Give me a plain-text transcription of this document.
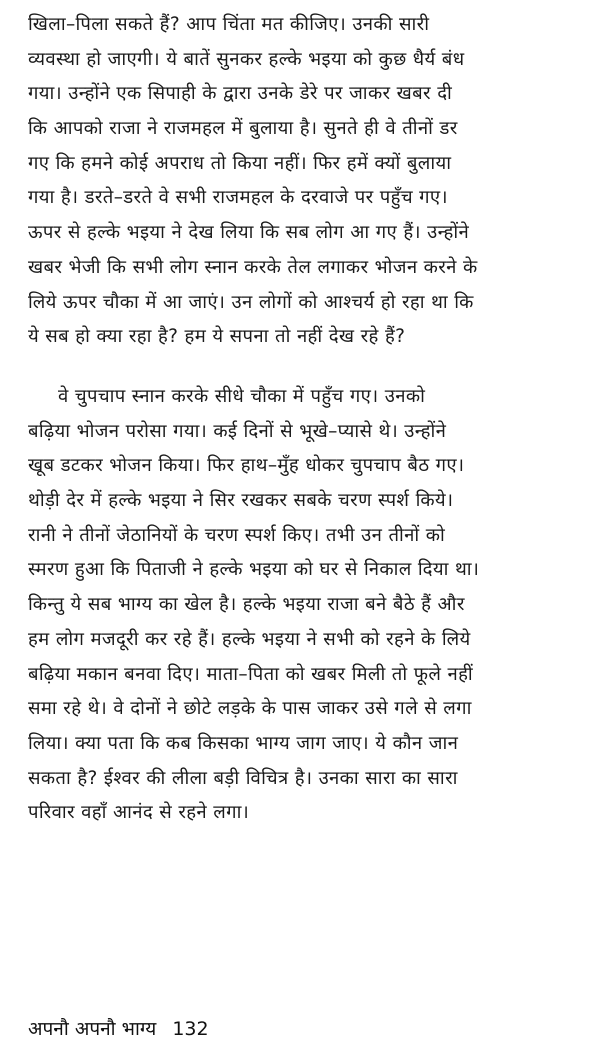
खिला–पिला सकते हैं? आप चिंता मत कीजिए। उनकी सारी
व्यवस्था हो जाएगी। ये बातें सुनकर हल्के भइया को कुछ धैर्य बंध
गया। उन्होंने एक सिपाही के द्वारा उनके डेरे पर जाकर खबर दी
कि आपको राजा ने राजमहल में बुलाया है। सुनते ही वे तीनों डर
गए कि हमने कोई अपराध तो किया नहीं। फिर हमें क्यों बुलाया
गया है। डरते–डरते वे सभी राजमहल के दरवाजे पर पहुँच गए।
ऊपर से हल्के भइया ने देख लिया कि सब लोग आ गए हैं। उन्होंने
खबर भेजी कि सभी लोग स्नान करके तेल लगाकर भोजन करने के
लिये ऊपर चौका में आ जाएं। उन लोगों को आश्चर्य हो रहा था कि
ये सब हो क्या रहा है? हम ये सपना तो नहीं देख रहे हैं?
वे चुपचाप स्नान करके सीधे चौका में पहुँच गए। उनको
बढ़िया भोजन परोसा गया। कई दिनों से भूखे–प्यासे थे। उन्होंने
खूब डटकर भोजन किया। फिर हाथ–मुँह धोकर चुपचाप बैठ गए।
थोड़ी देर में हल्के भइया ने सिर रखकर सबके चरण स्पर्श किये।
रानी ने तीनों जेठानियों के चरण स्पर्श किए। तभी उन तीनों को
स्मरण हुआ कि पिताजी ने हल्के भइया को घर से निकाल दिया था।
किन्तु ये सब भाग्य का खेल है। हल्के भइया राजा बने बैठे हैं और
हम लोग मजदूरी कर रहे हैं। हल्के भइया ने सभी को रहने के लिये
बढ़िया मकान बनवा दिए। माता–पिता को खबर मिली तो फूले नहीं
समा रहे थे। वे दोनों ने छोटे लड़के के पास जाकर उसे गले से लगा
लिया। क्या पता कि कब किसका भाग्य जाग जाए। ये कौन जान
सकता है? ईश्वर की लीला बड़ी विचित्र है। उनका सारा का सारा
परिवार वहाँ आनंद से रहने लगा।
अपनौ अपनौ भाग्य 132
